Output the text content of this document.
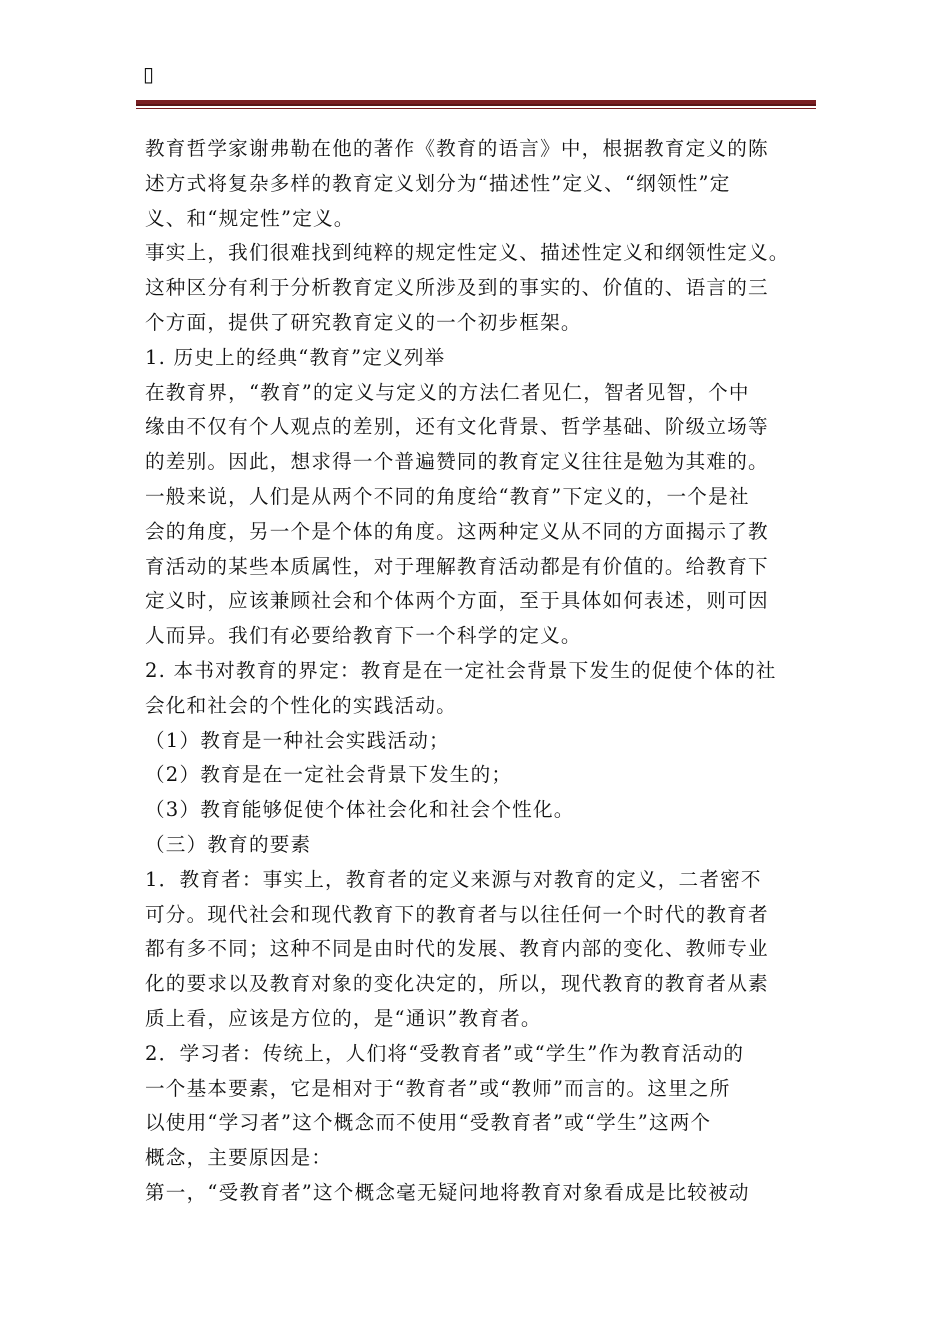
▯
教育哲学家谢弗勒在他的著作《教育的语言》中，根据教育定义的陈
述方式将复杂多样的教育定义划分为“描述性”定义、“纲领性”定
义、和“规定性”定义。
事实上，我们很难找到纯粹的规定性定义、描述性定义和纲领性定义。
这种区分有利于分析教育定义所涉及到的事实的、价值的、语言的三
个方面，提供了研究教育定义的一个初步框架。
1. 历史上的经典“教育”定义列举
在教育界，“教育”的定义与定义的方法仁者见仁，智者见智，个中
缘由不仅有个人观点的差别，还有文化背景、哲学基础、阶级立场等
的差别。因此，想求得一个普遍赞同的教育定义往往是勉为其难的。
一般来说，人们是从两个不同的角度给“教育”下定义的，一个是社
会的角度，另一个是个体的角度。这两种定义从不同的方面揭示了教
育活动的某些本质属性，对于理解教育活动都是有价值的。给教育下
定义时，应该兼顾社会和个体两个方面，至于具体如何表述，则可因
人而异。我们有必要给教育下一个科学的定义。
2. 本书对教育的界定：教育是在一定社会背景下发生的促使个体的社
会化和社会的个性化的实践活动。
（1）教育是一种社会实践活动；
（2）教育是在一定社会背景下发生的；
（3）教育能够促使个体社会化和社会个性化。
（三）教育的要素
1．教育者：事实上，教育者的定义来源与对教育的定义，二者密不
可分。现代社会和现代教育下的教育者与以往任何一个时代的教育者
都有多不同；这种不同是由时代的发展、教育内部的变化、教师专业
化的要求以及教育对象的变化决定的，所以，现代教育的教育者从素
质上看，应该是方位的，是“通识”教育者。
2．学习者：传统上，人们将“受教育者”或“学生”作为教育活动的
一个基本要素，它是相对于“教育者”或“教师”而言的。这里之所
以使用“学习者”这个概念而不使用“受教育者”或“学生”这两个
概念，主要原因是：
第一，“受教育者”这个概念毫无疑问地将教育对象看成是比较被动
